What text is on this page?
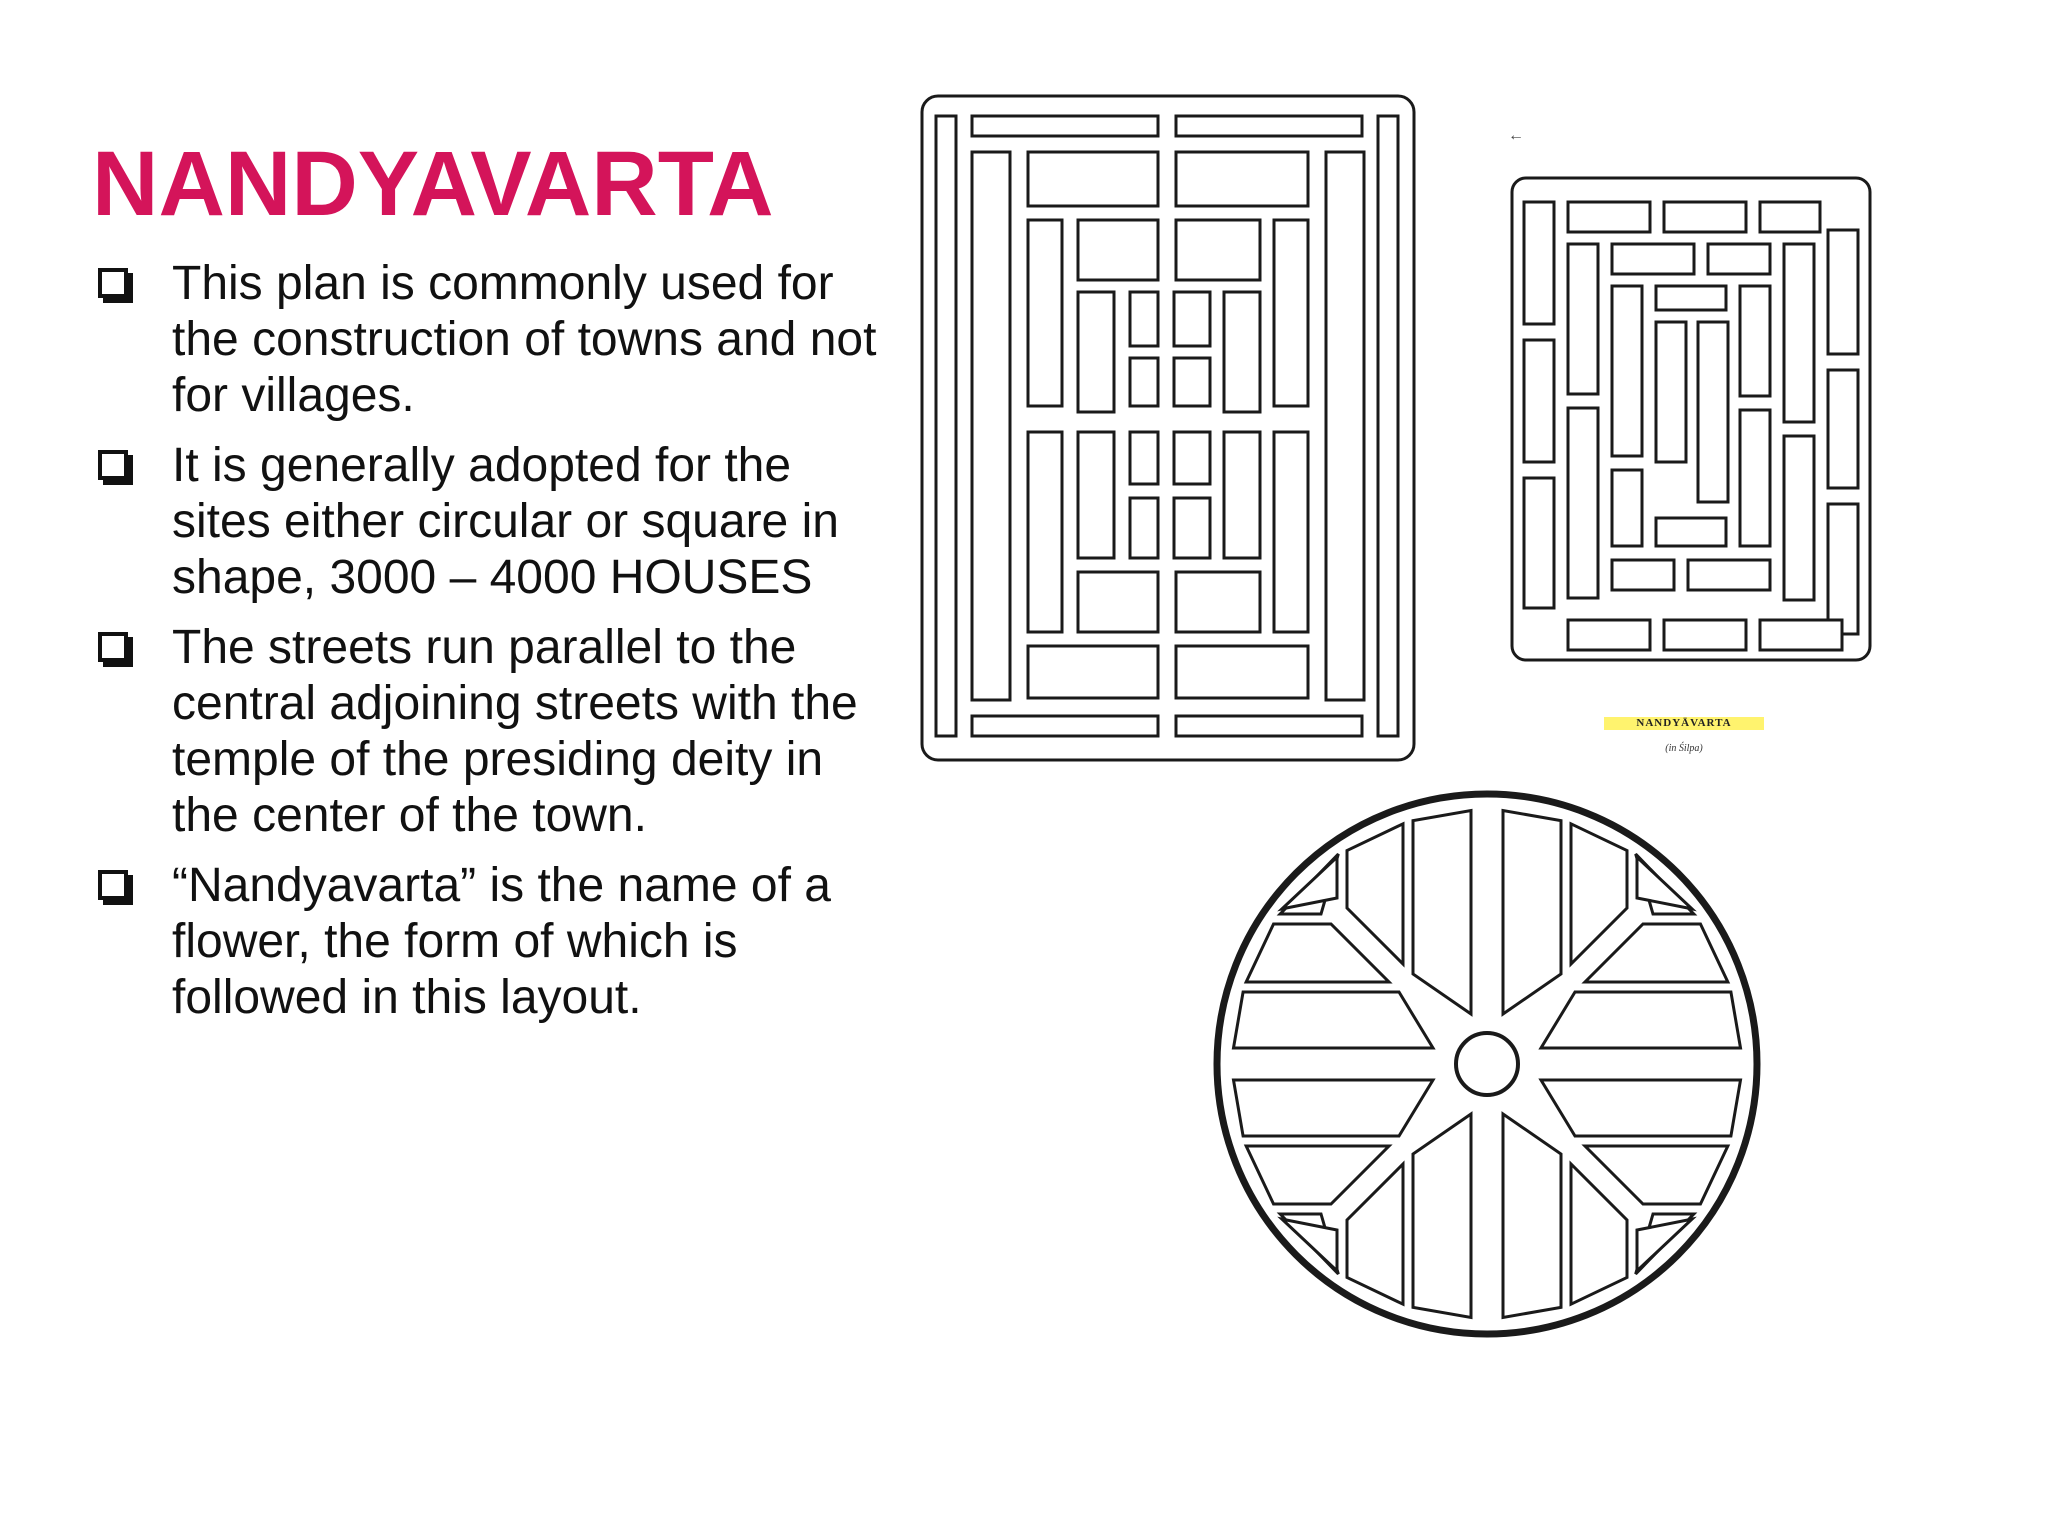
NANDYAVARTA
This plan is commonly used for the construction of towns and not for villages.
It is generally adopted for the sites either circular or square in shape, 3000 – 4000 HOUSES
The streets run parallel to the central adjoining streets with the temple of the presiding deity in the center of the town.
“Nandyavarta” is the name of a flower, the form of which is followed in this layout.
←
NANDYĀVARTA
(in Śilpa)
